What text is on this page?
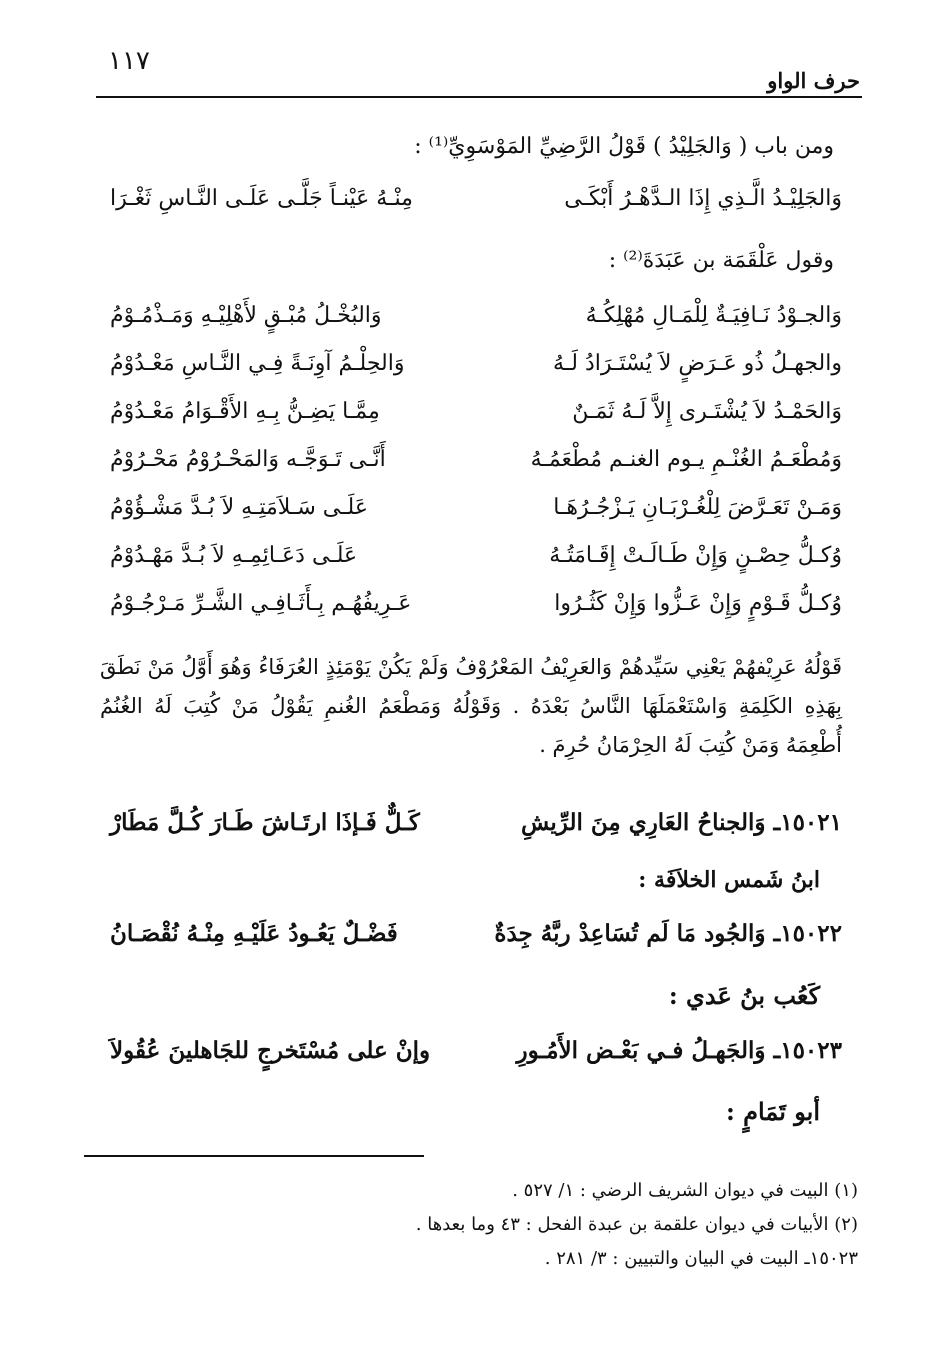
١١٧
حرف الواو
ومن باب ( وَالجَلِيْدُ ) قَوْلُ الرَّضِيِّ المَوْسَوِيِّ⁽¹⁾ :
وَالجَلِيْـدُ الَّـذِي إِذَا الـدَّهْـرُ أَبْكَـى
مِنْـهُ عَيْنـاً جَلَّـى عَلَـى النَّـاسِ ثَغْـرَا
وقول عَلْقَمَة بن عَبَدَةَ⁽²⁾ :
وَالجـوْدُ نَـافِيَـةٌ لِلْمَـالِ مُهْلِكُـهُ
وَالبُخْـلُ مُبْـقٍ لأَهْلِيْـهِ وَمَـذْمُـوْمُ
والجهـلُ ذُو عَـرَضٍ لاَ يُسْتَـرَادُ لَـهُ
وَالحِلْـمُ آوِنَـةً فِـي النَّـاسِ مَعْـدُوْمُ
وَالحَمْـدُ لاَ يُشْتَـرى إِلاَّ لَـهُ ثَمَـنٌ
مِمَّـا يَضِـنُّ بِـهِ الأَقْـوَامُ مَعْـدُوْمُ
وَمُطْعَـمُ الغُنْـمِ يـوم الغنـم مُطْعَمُـهُ
أَنَّـى تَـوَجَّـه وَالمَحْـرُوْمُ مَحْـرُوْمُ
وَمَـنْ تَعَـرَّضَ لِلْغُـرْبَـانِ يَـزْجُـرُهَـا
عَلَـى سَـلاَمَتِـهِ لاَ بُـدَّ مَشْـؤُوْمُ
وُكـلُّ حِصْـنٍ وَإِنْ طَـالَـتْ إِقَـامَتُـهُ
عَلَـى دَعَـائِمِـهِ لاَ بُـدَّ مَهْـدُوْمُ
وُكـلُّ قَـوْمٍ وَإِنْ عَـزُّوا وَإِنْ كَثُـرُوا
عَـرِيفُهُـم بِـأَثَـافِـي الشَّـرِّ مَـرْجُـوْمُ
قَوْلُهُ عَرِيْفهُمْ يَعْنِي سَيِّدهُمْ وَالعَرِيْفُ المَعْرُوْفُ وَلَمْ يَكُنْ يَوْمَئِذٍ العُرَفَاءُ وَهُوَ أَوَّلُ مَنْ نَطَقَ بِهَذِهِ الكَلِمَةِ وَاسْتَعْمَلَهَا النَّاسُ بَعْدَهُ . وَقَوْلُهُ وَمَطْعَمُ الغُنمِ يَقُوْلُ مَنْ كُتِبَ لَهُ الغُنُمُ أُطْعِمَهُ وَمَنْ كُتِبَ لَهُ الحِرْمَانُ حُرِمَ .
١٥٠٢١ـ وَالجناحُ العَارِي مِنَ الرِّيشِ
كَـلٌّ فَـإذَا ارتَـاشَ طَـارَ كُـلَّ مَطَارْ
ابنُ شَمس الخلاَفَة :
١٥٠٢٢ـ وَالجُود مَا لَم تُسَاعِدْ ربَّهُ جِدَةٌ
فَضْـلٌ يَعُـودُ عَلَيْـهِ مِنْـهُ نُقْصَـانُ
كَعُب بنُ عَدي :
١٥٠٢٣ـ وَالجَهـلُ فـي بَعْـض الأَمُـورِ
وإنْ على مُسْتَخرجٍ للجَاهلينَ عُقُولاَ
أبو تَمَامٍ :
(١) البيت في ديوان الشريف الرضي : ١/ ٥٢٧ .
(٢) الأبيات في ديوان علقمة بن عبدة الفحل : ٤٣ وما بعدها .
١٥٠٢٣ـ البيت في البيان والتبيين : ٣/ ٢٨١ .
